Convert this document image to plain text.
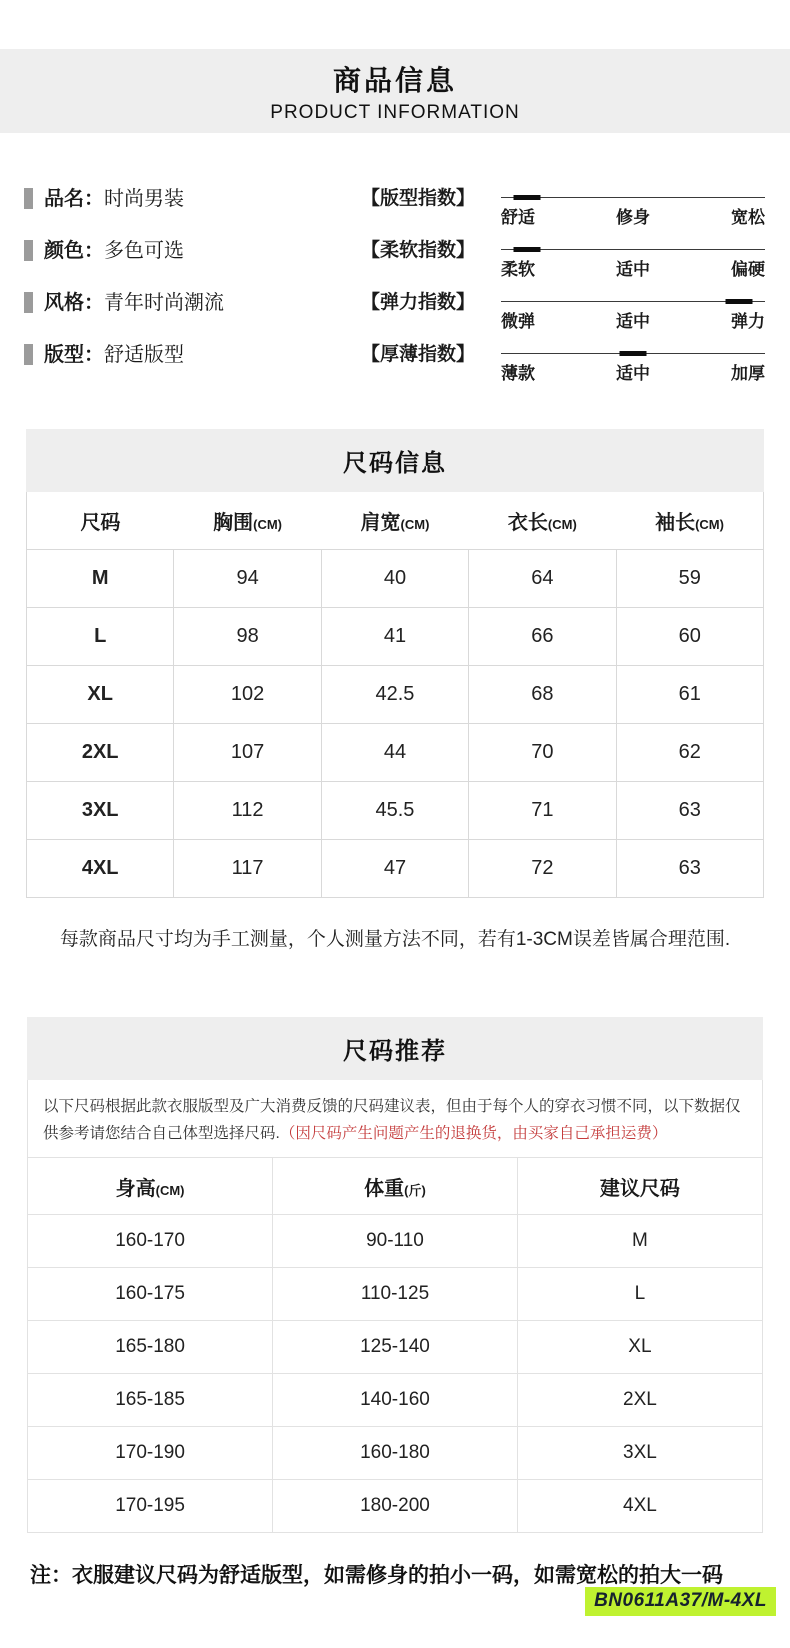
商品信息
PRODUCT INFORMATION
品名： 时尚男装	【版型指数】
舒适	修身	宽松
颜色： 多色可选	【柔软指数】
柔软	适中	偏硬
风格： 青年时尚潮流	【弹力指数】
微弹	适中	弹力
版型： 舒适版型	【厚薄指数】
薄款	适中	加厚
尺码信息
尺码	胸围(CM)	肩宽(CM)	衣长(CM)	袖长(CM)
M	94	40	64	59
L	98	41	66	60
XL	102	42.5	68	61
2XL	107	44	70	62
3XL	112	45.5	71	63
4XL	117	47	72	63

每款商品尺寸均为手工测量，个人测量方法不同，若有1-3CM误差皆属合理范围.

尺码推荐

以下尺码根据此款衣服版型及广大消费反馈的尺码建议表，但由于每个人的穿衣习惯不同，以下数据仅供参考请您结合自己体型选择尺码.（因尺码产生问题产生的退换货，由买家自己承担运费）

身高(CM)	体重(斤)	建议尺码
160-170	90-110	M
160-175	110-125	L
165-180	125-140	XL
165-185	140-160	2XL
170-190	160-180	3XL
170-195	180-200	4XL

注：衣服建议尺码为舒适版型，如需修身的拍小一码，如需宽松的拍大一码

BN0611A37/M-4XL
